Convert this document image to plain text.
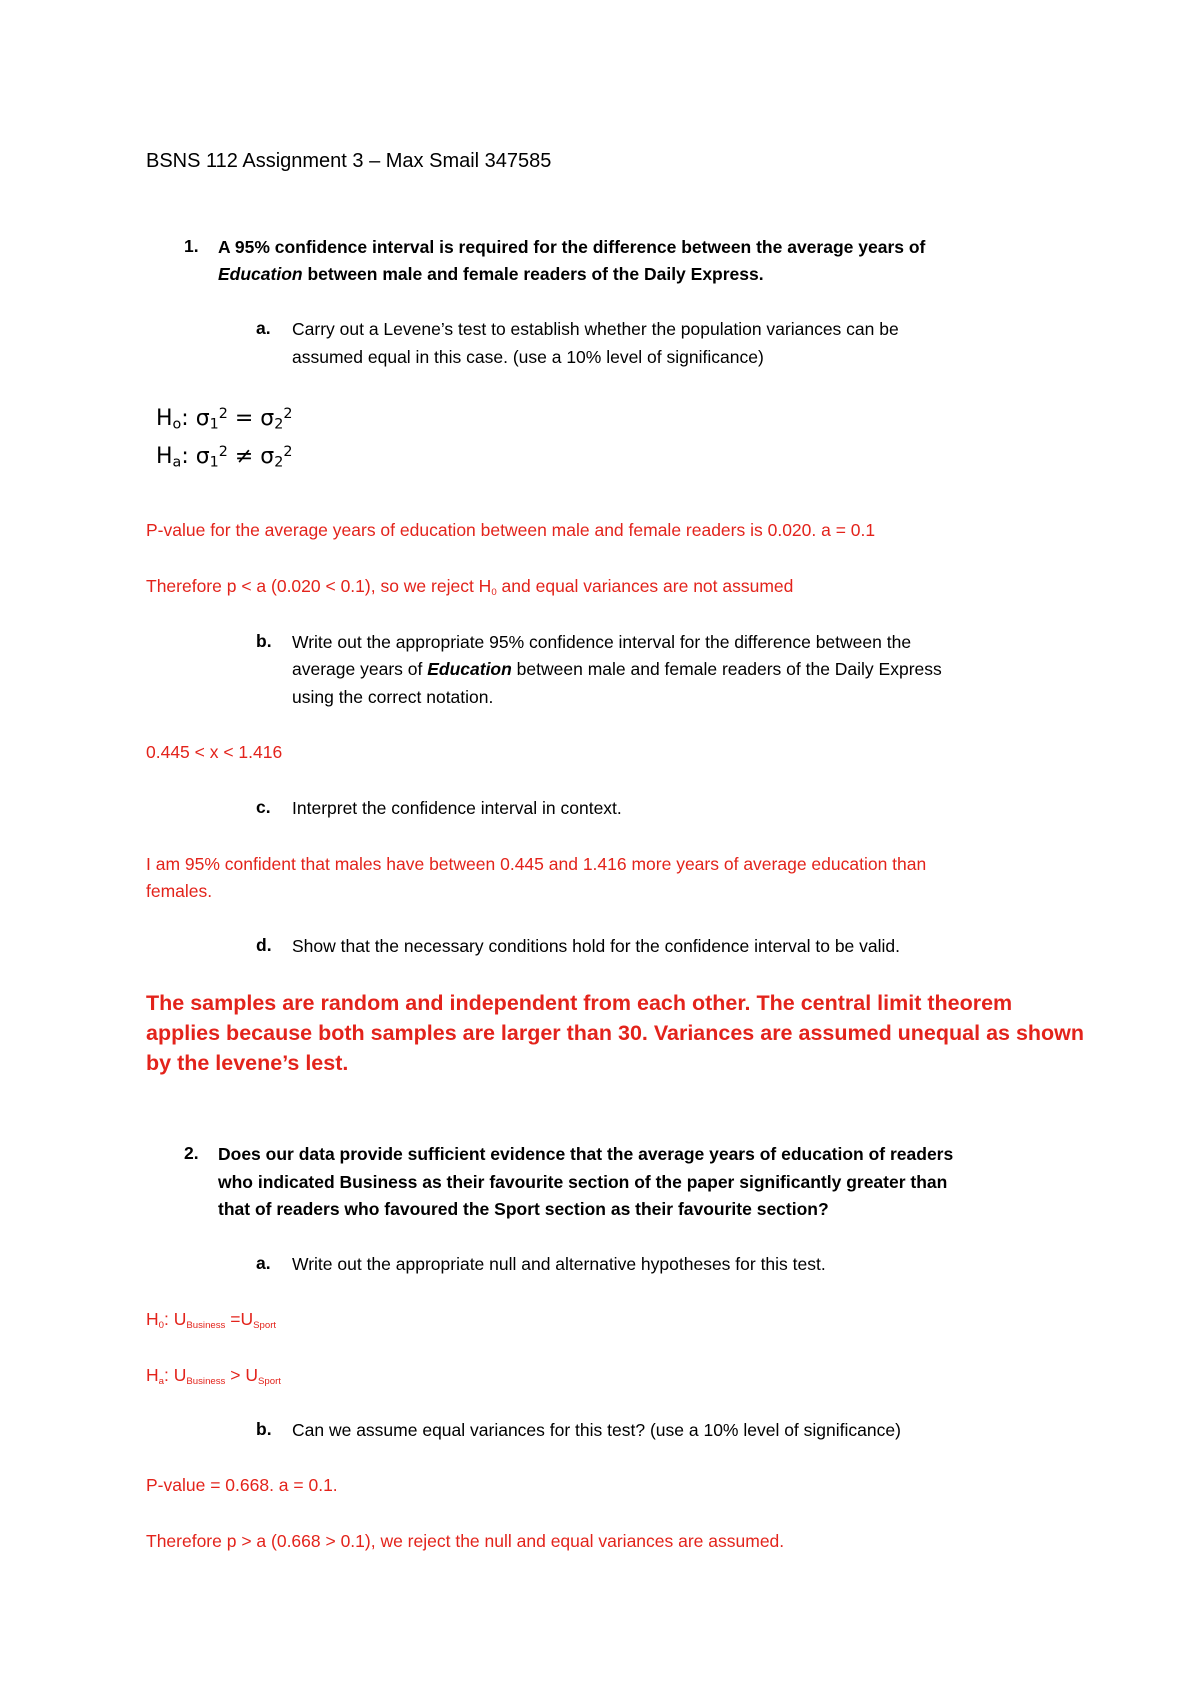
BSNS 112 Assignment 3 – Max Smail 347585
1. A 95% confidence interval is required for the difference between the average years of
Education between male and female readers of the Daily Express.
a. Carry out a Levene’s test to establish whether the population variances can be
assumed equal in this case. (use a 10% level of significance)
$H_o$: $\sigma_1^2 = \sigma_2^2$
$H_a$: $\sigma_1^2 \ne \sigma_2^2$
P-value for the average years of education between male and female readers is 0.020. a = 0.1
Therefore p < a (0.020 < 0.1), so we reject H0 and equal variances are not assumed
b. Write out the appropriate 95% confidence interval for the difference between the
average years of Education between male and female readers of the Daily Express
using the correct notation.
0.445 < x < 1.416
c. Interpret the confidence interval in context.
I am 95% confident that males have between 0.445 and 1.416 more years of average education than
females.
d. Show that the necessary conditions hold for the confidence interval to be valid.
The samples are random and independent from each other. The central limit theorem
applies because both samples are larger than 30. Variances are assumed unequal as shown
by the levene’s lest.
2. Does our data provide sufficient evidence that the average years of education of readers
who indicated Business as their favourite section of the paper significantly greater than
that of readers who favoured the Sport section as their favourite section?
a. Write out the appropriate null and alternative hypotheses for this test.
H0: UBusiness =USport
Ha: UBusiness > USport
b. Can we assume equal variances for this test? (use a 10% level of significance)
P-value = 0.668. a = 0.1.
Therefore p > a (0.668 > 0.1), we reject the null and equal variances are assumed.
